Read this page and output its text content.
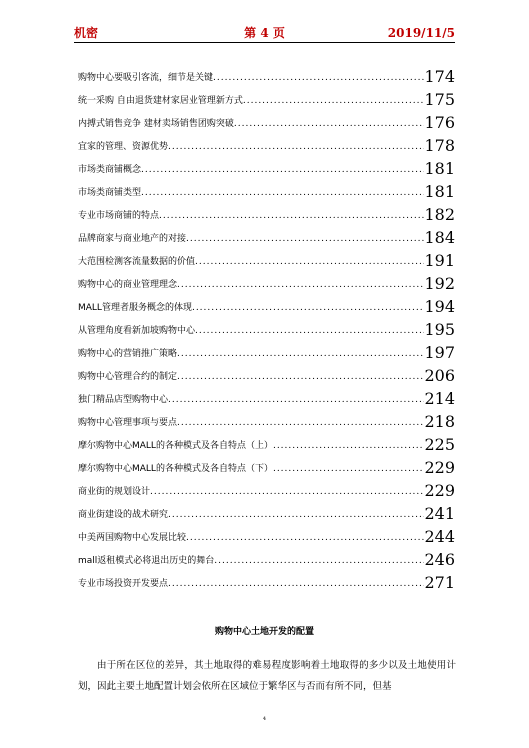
机密	第 4 页	2019/11/5
购物中心要吸引客流，细节是关键 .....	174
统一采购 自由退货建材家居业管理新方式 .....	175
内搏式销售竞争 建材卖场销售团购突破 .....	176
宜家的管理、资源优势 .....	178
市场类商铺概念 .....	181
市场类商铺类型 .....	181
专业市场商铺的特点 .....	182
品牌商家与商业地产的对接 .....	184
大范围检测客流量数据的价值 .....	191
购物中心的商业管理理念 .....	192
MALL管理者服务概念的体现 .....	194
从管理角度看新加坡购物中心 .....	195
购物中心的营销推广策略 .....	197
购物中心管理合约的制定 .....	206
独门精品店型购物中心 .....	214
购物中心管理事项与要点 .....	218
摩尔购物中心MALL的各种模式及各自特点（上） .....	225
摩尔购物中心MALL的各种模式及各自特点（下） .....	229
商业街的规划设计 .....	229
商业街建设的战术研究 .....	241
中美两国购物中心发展比较 .....	244
mall返租模式必将退出历史的舞台 .....	246
专业市场投资开发要点 .....	271
购物中心土地开发的配置
由于所在区位的差异，其土地取得的难易程度影响着土地取得的多少以及土地使用计划，因此主要土地配置计划会依所在区域位于繁华区与否而有所不同，但基
4
